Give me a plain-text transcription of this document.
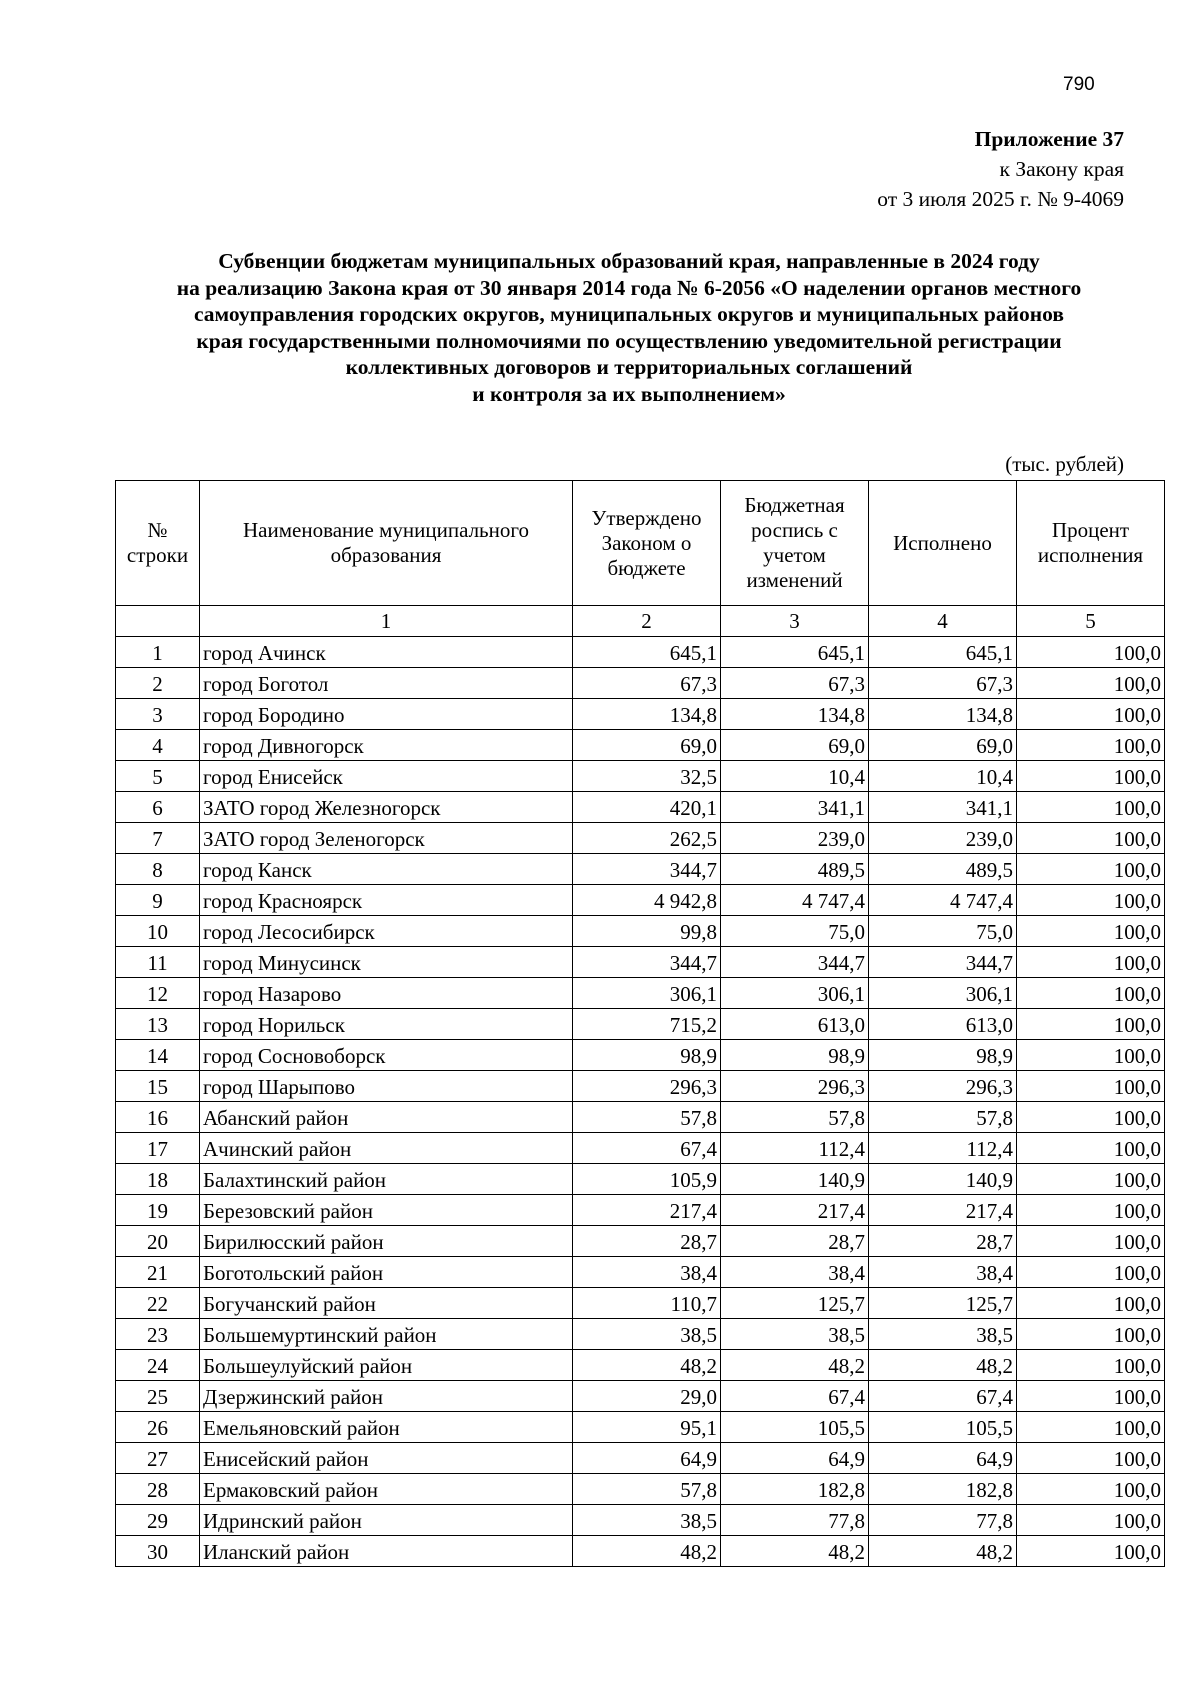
790
Приложение 37
к Закону края
от 3 июля 2025 г. № 9-4069
Субвенции бюджетам муниципальных образований края, направленные в 2024 году
на реализацию Закона края от 30 января 2014 года № 6-2056 «О наделении органов местного
самоуправления городских округов, муниципальных округов и муниципальных районов
края государственными полномочиями по осуществлению уведомительной регистрации
коллективных договоров и территориальных соглашений
и контроля за их выполнением»
(тыс. рублей)
№ строки	Наименование муниципального образования	Утверждено Законом о бюджете	Бюджетная роспись с учетом изменений	Исполнено	Процент исполнения
	1	2	3	4	5
1	город Ачинск	645,1	645,1	645,1	100,0
2	город Боготол	67,3	67,3	67,3	100,0
3	город Бородино	134,8	134,8	134,8	100,0
4	город Дивногорск	69,0	69,0	69,0	100,0
5	город Енисейск	32,5	10,4	10,4	100,0
6	ЗАТО город Железногорск	420,1	341,1	341,1	100,0
7	ЗАТО город Зеленогорск	262,5	239,0	239,0	100,0
8	город Канск	344,7	489,5	489,5	100,0
9	город Красноярск	4 942,8	4 747,4	4 747,4	100,0
10	город Лесосибирск	99,8	75,0	75,0	100,0
11	город Минусинск	344,7	344,7	344,7	100,0
12	город Назарово	306,1	306,1	306,1	100,0
13	город Норильск	715,2	613,0	613,0	100,0
14	город Сосновоборск	98,9	98,9	98,9	100,0
15	город Шарыпово	296,3	296,3	296,3	100,0
16	Абанский район	57,8	57,8	57,8	100,0
17	Ачинский район	67,4	112,4	112,4	100,0
18	Балахтинский район	105,9	140,9	140,9	100,0
19	Березовский район	217,4	217,4	217,4	100,0
20	Бирилюсский район	28,7	28,7	28,7	100,0
21	Боготольский район	38,4	38,4	38,4	100,0
22	Богучанский район	110,7	125,7	125,7	100,0
23	Большемуртинский район	38,5	38,5	38,5	100,0
24	Большеулуйский район	48,2	48,2	48,2	100,0
25	Дзержинский район	29,0	67,4	67,4	100,0
26	Емельяновский район	95,1	105,5	105,5	100,0
27	Енисейский район	64,9	64,9	64,9	100,0
28	Ермаковский район	57,8	182,8	182,8	100,0
29	Идринский район	38,5	77,8	77,8	100,0
30	Иланский район	48,2	48,2	48,2	100,0
